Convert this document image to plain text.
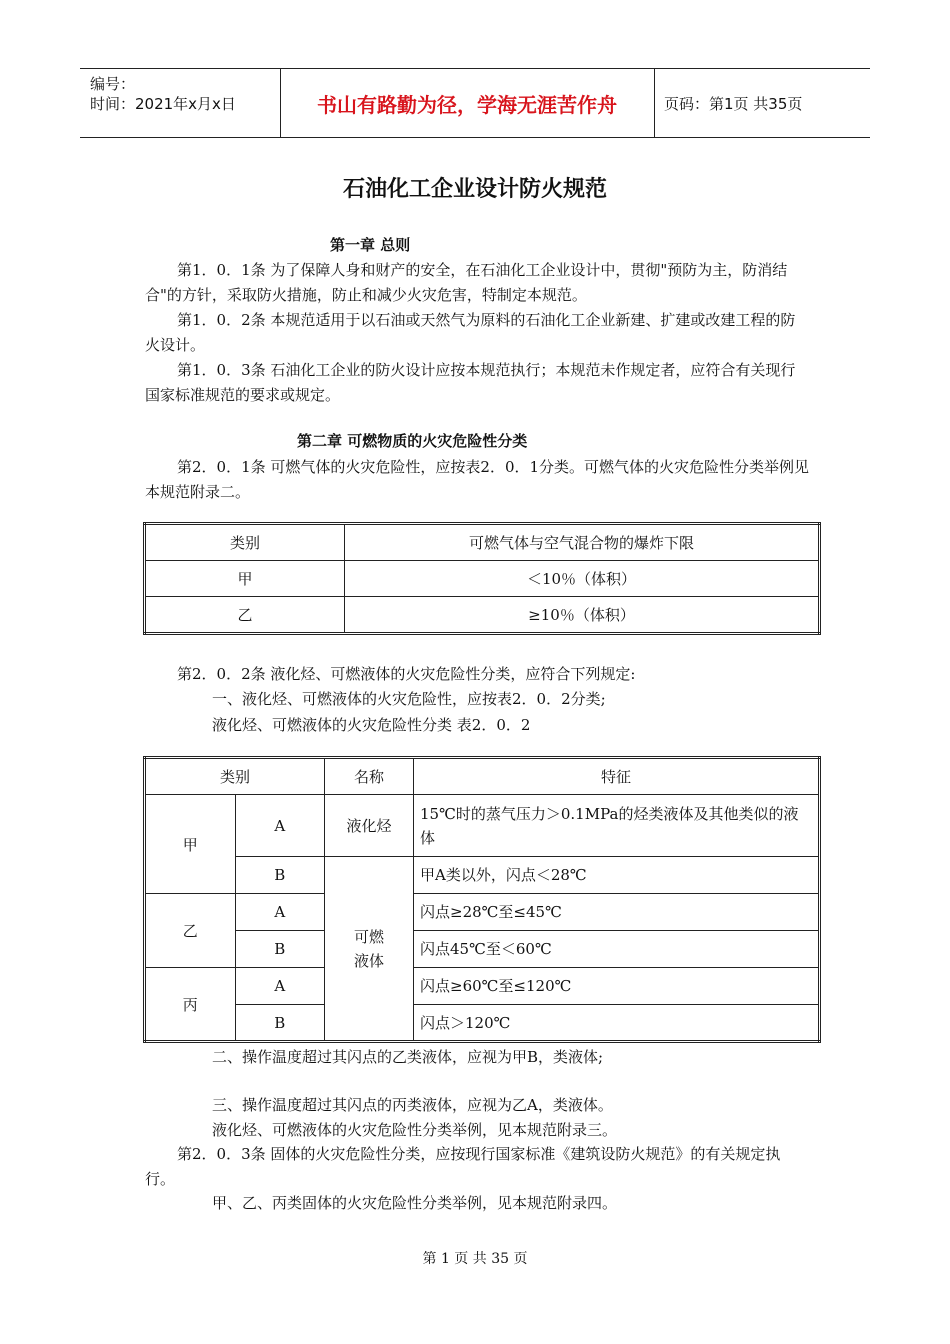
编号：
时间：2021年x月x日	书山有路勤为径，学海无涯苦作舟	页码：第1页 共35页
石油化工企业设计防火规范
第一章 总则
第1．0．1条 为了保障人身和财产的安全，在石油化工企业设计中，贯彻"预防为主，防消结合"的方针，采取防火措施，防止和减少火灾危害，特制定本规范。
第1．0．2条 本规范适用于以石油或天然气为原料的石油化工企业新建、扩建或改建工程的防火设计。
第1．0．3条 石油化工企业的防火设计应按本规范执行；本规范未作规定者，应符合有关现行国家标准规范的要求或规定。
第二章 可燃物质的火灾危险性分类
第2．0．1条 可燃气体的火灾危险性，应按表2．0．1分类。可燃气体的火灾危险性分类举例见本规范附录二。
类别	可燃气体与空气混合物的爆炸下限
甲	＜10％（体积）
乙	≥10％（体积）
第2．0．2条 液化烃、可燃液体的火灾危险性分类，应符合下列规定:
一、液化烃、可燃液体的火灾危险性，应按表2．0．2分类;
液化烃、可燃液体的火灾危险性分类 表2．0．2
类别		名称	特征
甲	A	液化烃	15℃时的蒸气压力＞0.1MPa的烃类液体及其他类似的液体
	B	可燃液体	甲A类以外，闪点＜28℃
乙	A		闪点≥28℃至≤45℃
	B		闪点45℃至＜60℃
丙	A		闪点≥60℃至≤120℃
	B		闪点＞120℃
二、操作温度超过其闪点的乙类液体，应视为甲B，类液体;
三、操作温度超过其闪点的丙类液体，应视为乙A，类液体。
液化烃、可燃液体的火灾危险性分类举例，见本规范附录三。
第2．0．3条 固体的火灾危险性分类，应按现行国家标准《建筑设防火规范》的有关规定执行。
甲、乙、丙类固体的火灾危险性分类举例，见本规范附录四。
第 1 页 共 35 页
